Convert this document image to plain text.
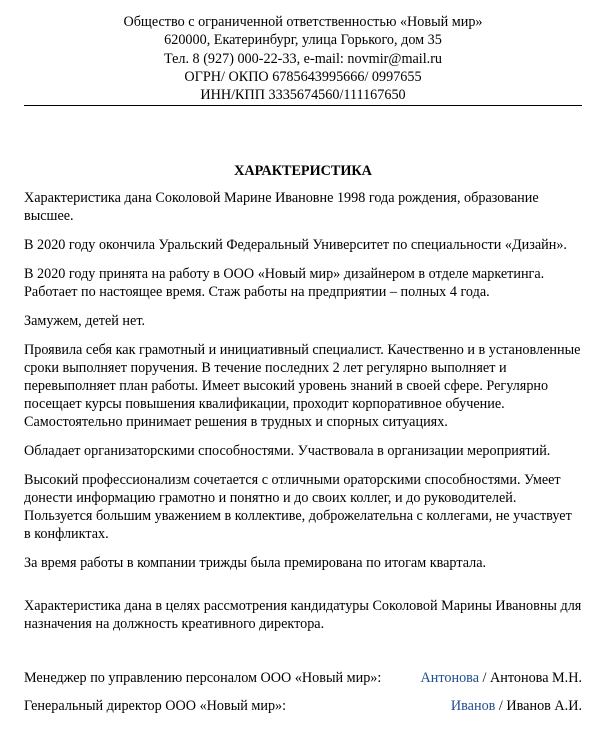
Общество с ограниченной ответственностью «Новый мир»
620000, Екатеринбург, улица Горького, дом 35
Тел. 8 (927) 000-22-33, e-mail: novmir@mail.ru
ОГРН/ ОКПО 6785643995666/ 0997655
ИНН/КПП 3335674560/111167650
ХАРАКТЕРИСТИКА

Характеристика дана Соколовой Марине Ивановне 1998 года рождения, образование высшее.

В 2020 году окончила Уральский Федеральный Университет по специальности «Дизайн».

В 2020 году принята на работу в ООО «Новый мир» дизайнером в отделе маркетинга. Работает по настоящее время. Стаж работы на предприятии – полных 4 года.

Замужем, детей нет.

Проявила себя как грамотный и инициативный специалист. Качественно и в установленные сроки выполняет поручения. В течение последних 2 лет регулярно выполняет и перевыполняет план работы. Имеет высокий уровень знаний в своей сфере. Регулярно посещает курсы повышения квалификации, проходит корпоративное обучение. Самостоятельно принимает решения в трудных и спорных ситуациях.

Обладает организаторскими способностями. Участвовала в организации мероприятий.

Высокий профессионализм сочетается с отличными ораторскими способностями. Умеет донести информацию грамотно и понятно и до своих коллег, и до руководителей. Пользуется большим уважением в коллективе, доброжелательна с коллегами, не участвует в конфликтах.

За время работы в компании трижды была премирована по итогам квартала.

Характеристика дана в целях рассмотрения кандидатуры Соколовой Марины Ивановны для назначения на должность креативного директора.

Менеджер по управлению персоналом ООО «Новый мир»:	Антонова / Антонова М.Н.
Генеральный директор ООО «Новый мир»:	Иванов / Иванов А.И.
